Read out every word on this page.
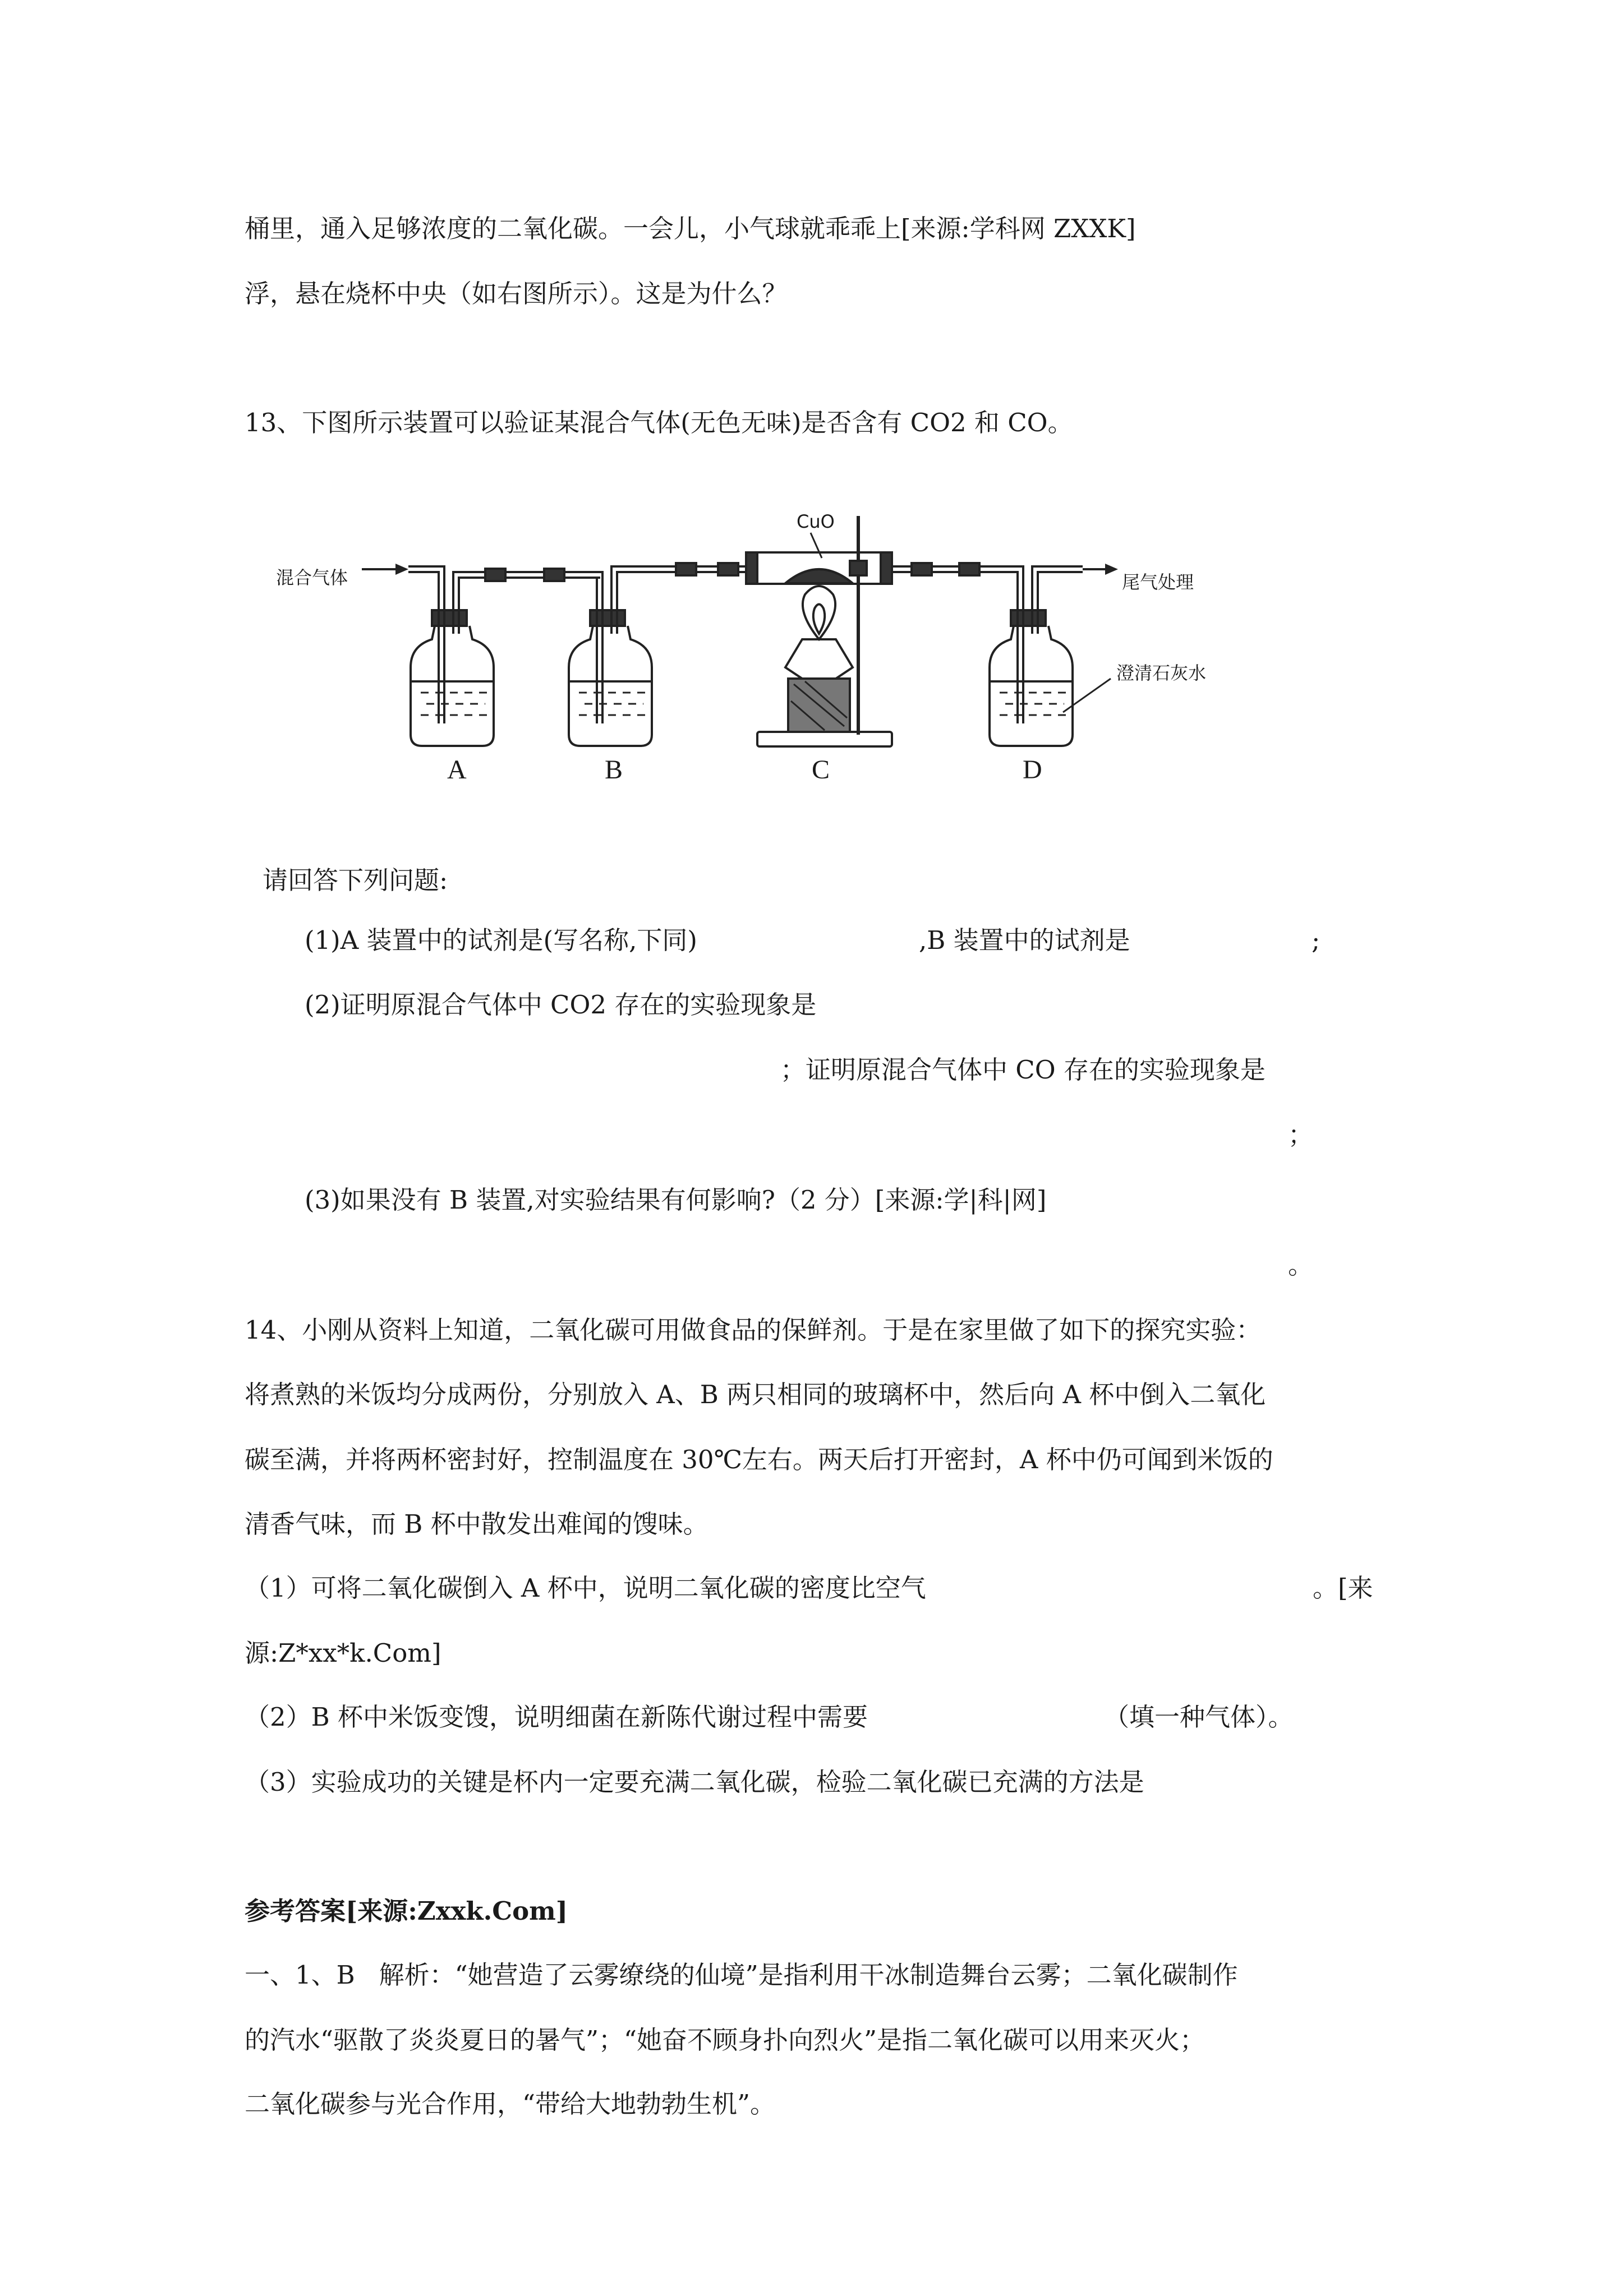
桶里，通入足够浓度的二氧化碳。一会儿，小气球就乖乖上[来源:学科网 ZXXK]
浮，悬在烧杯中央（如右图所示）。这是为什么？
13、下图所示装置可以验证某混合气体(无色无味)是否含有 CO2 和 CO。
混合气体
CuO
尾气处理
澄清石灰水
A	B	C	D
请回答下列问题:
(1)A 装置中的试剂是(写名称,下同)	,B 装置中的试剂是	;
(2)证明原混合气体中 CO2 存在的实验现象是
；证明原混合气体中 CO 存在的实验现象是
；
(3)如果没有 B 装置,对实验结果有何影响?（2 分）[来源:学|科|网]
。
14、小刚从资料上知道，二氧化碳可用做食品的保鲜剂。于是在家里做了如下的探究实验：
将煮熟的米饭均分成两份，分别放入 A、B 两只相同的玻璃杯中，然后向 A 杯中倒入二氧化
碳至满，并将两杯密封好，控制温度在 30℃左右。两天后打开密封，A 杯中仍可闻到米饭的
清香气味，而 B 杯中散发出难闻的馊味。
（1）可将二氧化碳倒入 A 杯中，说明二氧化碳的密度比空气	。[来
源:Z*xx*k.Com]
（2）B 杯中米饭变馊，说明细菌在新陈代谢过程中需要	（填一种气体）。
（3）实验成功的关键是杯内一定要充满二氧化碳，检验二氧化碳已充满的方法是
参考答案[来源:Zxxk.Com]
一、1、B   解析：“她营造了云雾缭绕的仙境”是指利用干冰制造舞台云雾；二氧化碳制作
的汽水“驱散了炎炎夏日的暑气”；“她奋不顾身扑向烈火”是指二氧化碳可以用来灭火；
二氧化碳参与光合作用，“带给大地勃勃生机”。
